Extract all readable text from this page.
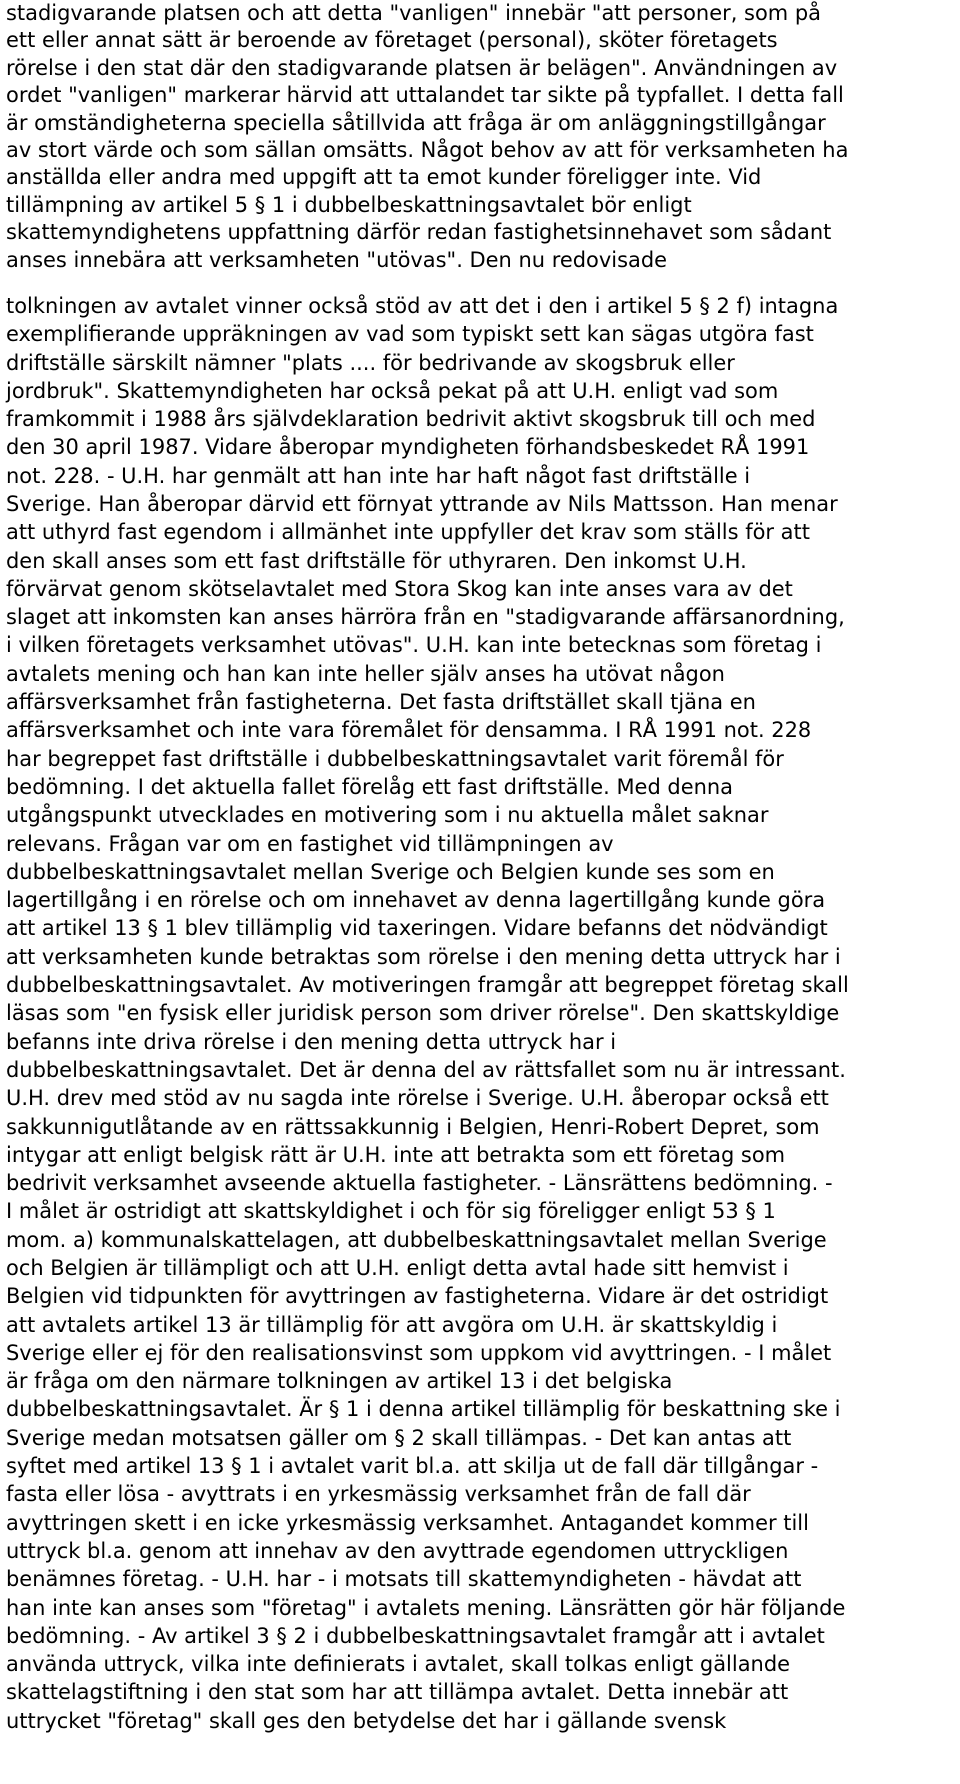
stadigvarande platsen och att detta "vanligen" innebär "att personer, som på
ett eller annat sätt är beroende av företaget (personal), sköter företagets
rörelse i den stat där den stadigvarande platsen är belägen". Användningen av
ordet "vanligen" markerar härvid att uttalandet tar sikte på typfallet. I detta fall
är omständigheterna speciella såtillvida att fråga är om anläggningstillgångar
av stort värde och som sällan omsätts. Något behov av att för verksamheten ha
anställda eller andra med uppgift att ta emot kunder föreligger inte. Vid
tillämpning av artikel 5 § 1 i dubbelbeskattningsavtalet bör enligt
skattemyndighetens uppfattning därför redan fastighetsinnehavet som sådant
anses innebära att verksamheten "utövas". Den nu redovisade
tolkningen av avtalet vinner också stöd av att det i den i artikel 5 § 2 f) intagna
exemplifierande uppräkningen av vad som typiskt sett kan sägas utgöra fast
driftställe särskilt nämner "plats .... för bedrivande av skogsbruk eller
jordbruk". Skattemyndigheten har också pekat på att U.H. enligt vad som
framkommit i 1988 års självdeklaration bedrivit aktivt skogsbruk till och med
den 30 april 1987. Vidare åberopar myndigheten förhandsbeskedet RÅ 1991
not. 228. - U.H. har genmält att han inte har haft något fast driftställe i
Sverige. Han åberopar därvid ett förnyat yttrande av Nils Mattsson. Han menar
att uthyrd fast egendom i allmänhet inte uppfyller det krav som ställs för att
den skall anses som ett fast driftställe för uthyraren. Den inkomst U.H.
förvärvat genom skötselavtalet med Stora Skog kan inte anses vara av det
slaget att inkomsten kan anses härröra från en "stadigvarande affärsanordning,
i vilken företagets verksamhet utövas". U.H. kan inte betecknas som företag i
avtalets mening och han kan inte heller själv anses ha utövat någon
affärsverksamhet från fastigheterna. Det fasta driftstället skall tjäna en
affärsverksamhet och inte vara föremålet för densamma. I RÅ 1991 not. 228
har begreppet fast driftställe i dubbelbeskattningsavtalet varit föremål för
bedömning. I det aktuella fallet förelåg ett fast driftställe. Med denna
utgångspunkt utvecklades en motivering som i nu aktuella målet saknar
relevans. Frågan var om en fastighet vid tillämpningen av
dubbelbeskattningsavtalet mellan Sverige och Belgien kunde ses som en
lagertillgång i en rörelse och om innehavet av denna lagertillgång kunde göra
att artikel 13 § 1 blev tillämplig vid taxeringen. Vidare befanns det nödvändigt
att verksamheten kunde betraktas som rörelse i den mening detta uttryck har i
dubbelbeskattningsavtalet. Av motiveringen framgår att begreppet företag skall
läsas som "en fysisk eller juridisk person som driver rörelse". Den skattskyldige
befanns inte driva rörelse i den mening detta uttryck har i
dubbelbeskattningsavtalet. Det är denna del av rättsfallet som nu är intressant.
U.H. drev med stöd av nu sagda inte rörelse i Sverige. U.H. åberopar också ett
sakkunnigutlåtande av en rättssakkunnig i Belgien, Henri-Robert Depret, som
intygar att enligt belgisk rätt är U.H. inte att betrakta som ett företag som
bedrivit verksamhet avseende aktuella fastigheter. - Länsrättens bedömning. -
I målet är ostridigt att skattskyldighet i och för sig föreligger enligt 53 § 1
mom. a) kommunalskattelagen, att dubbelbeskattningsavtalet mellan Sverige
och Belgien är tillämpligt och att U.H. enligt detta avtal hade sitt hemvist i
Belgien vid tidpunkten för avyttringen av fastigheterna. Vidare är det ostridigt
att avtalets artikel 13 är tillämplig för att avgöra om U.H. är skattskyldig i
Sverige eller ej för den realisationsvinst som uppkom vid avyttringen. - I målet
är fråga om den närmare tolkningen av artikel 13 i det belgiska
dubbelbeskattningsavtalet. Är § 1 i denna artikel tillämplig för beskattning ske i
Sverige medan motsatsen gäller om § 2 skall tillämpas. - Det kan antas att
syftet med artikel 13 § 1 i avtalet varit bl.a. att skilja ut de fall där tillgångar -
fasta eller lösa - avyttrats i en yrkesmässig verksamhet från de fall där
avyttringen skett i en icke yrkesmässig verksamhet. Antagandet kommer till
uttryck bl.a. genom att innehav av den avyttrade egendomen uttryckligen
benämnes företag. - U.H. har - i motsats till skattemyndigheten - hävdat att
han inte kan anses som "företag" i avtalets mening. Länsrätten gör här följande
bedömning. - Av artikel 3 § 2 i dubbelbeskattningsavtalet framgår att i avtalet
använda uttryck, vilka inte definierats i avtalet, skall tolkas enligt gällande
skattelagstiftning i den stat som har att tillämpa avtalet. Detta innebär att
uttrycket "företag" skall ges den betydelse det har i gällande svensk
